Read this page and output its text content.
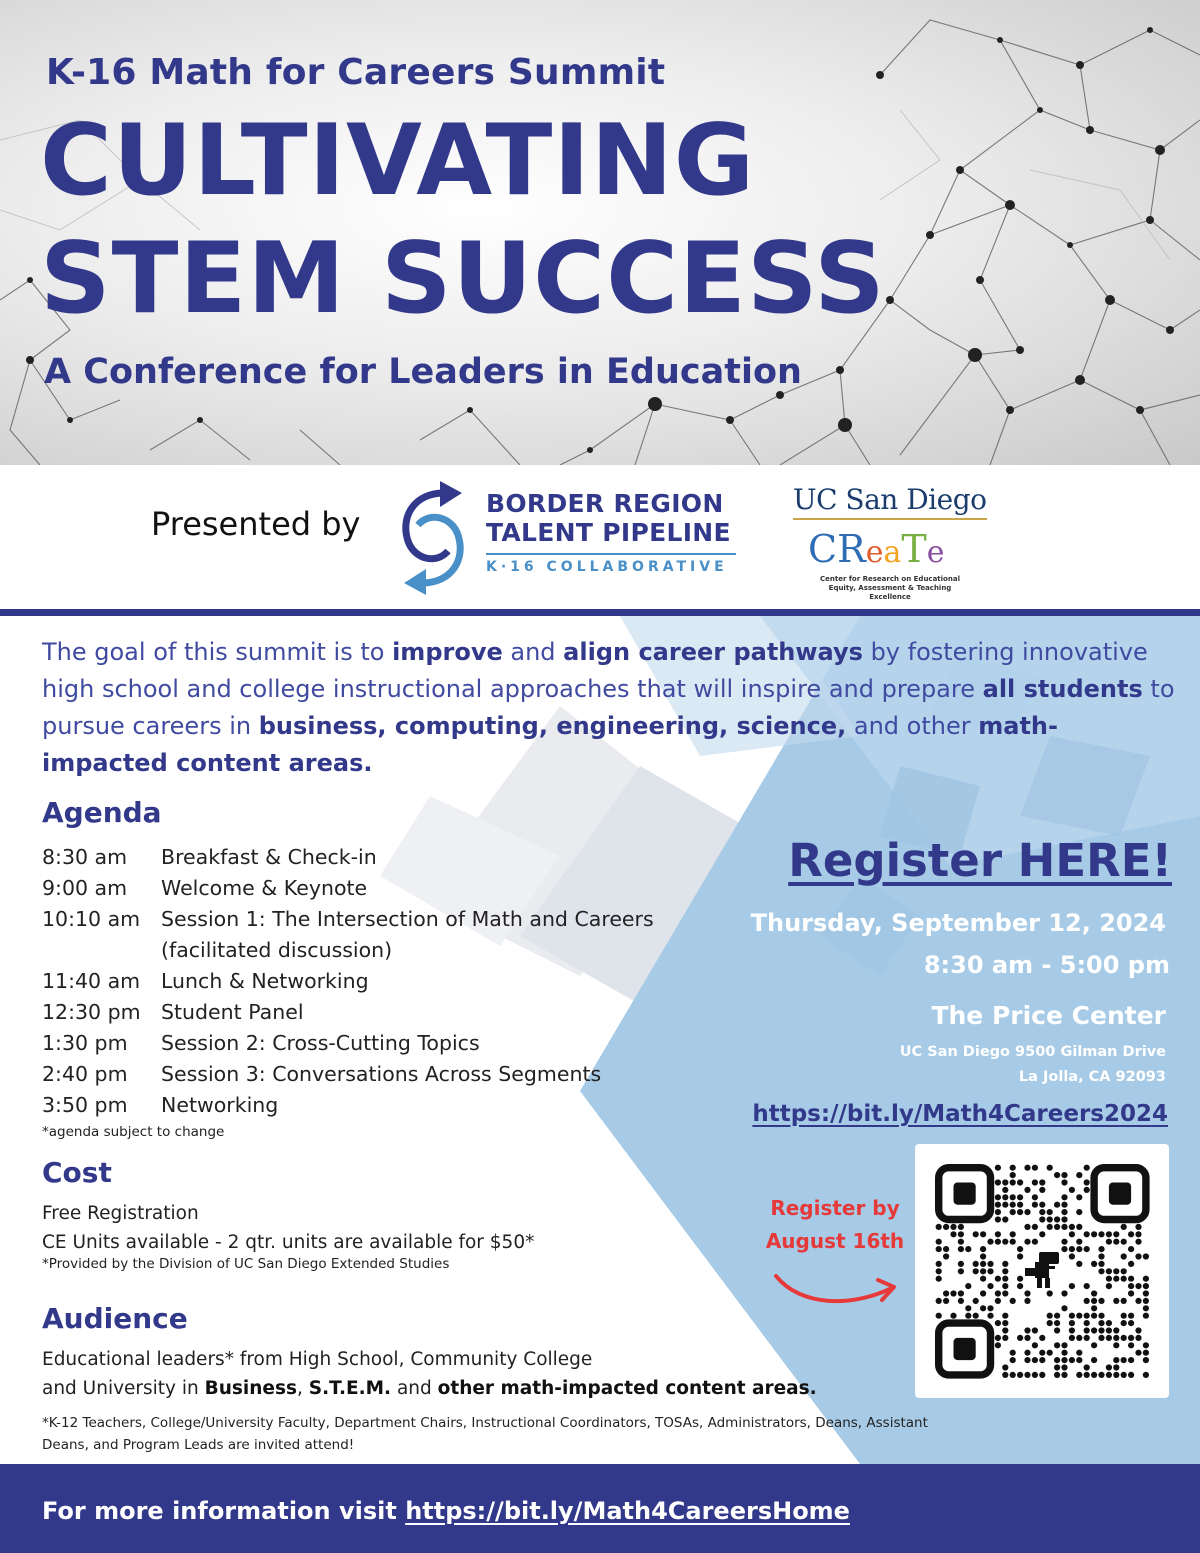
K-16 Math for Careers Summit
CULTIVATING
STEM SUCCESS
A Conference for Leaders in Education
Presented by
BORDER REGION
TALENT PIPELINE
K·16 COLLABORATIVE
UC San Diego
CReaTe
Center for Research on Educational
Equity, Assessment & Teaching Excellence
The goal of this summit is to improve and align career pathways by fostering innovative high school and college instructional approaches that will inspire and prepare all students to pursue careers in business, computing, engineering, science, and other math-impacted content areas.
Agenda
8:30 am	Breakfast & Check-in
9:00 am	Welcome & Keynote
10:10 am	Session 1: The Intersection of Math and Careers
(facilitated discussion)
11:40 am	Lunch & Networking
12:30 pm Student Panel
1:30 pm	Session 2: Cross-Cutting Topics
2:40 pm	Session 3: Conversations Across Segments
3:50 pm	Networking
*agenda subject to change
Cost
Free Registration
CE Units available - 2 qtr. units are available for $50*
*Provided by the Division of UC San Diego Extended Studies
Audience
Educational leaders* from High School, Community College
and University in Business, S.T.E.M. and other math-impacted content areas.
*K-12 Teachers, College/University Faculty, Department Chairs, Instructional Coordinators, TOSAs, Administrators, Deans, Assistant Deans, and Program Leads are invited attend!
Register HERE!
Thursday, September 12, 2024
8:30 am - 5:00 pm
The Price Center
UC San Diego 9500 Gilman Drive
La Jolla, CA 92093
https://bit.ly/Math4Careers2024
Register by
August 16th
For more information visit https://bit.ly/Math4CareersHome
